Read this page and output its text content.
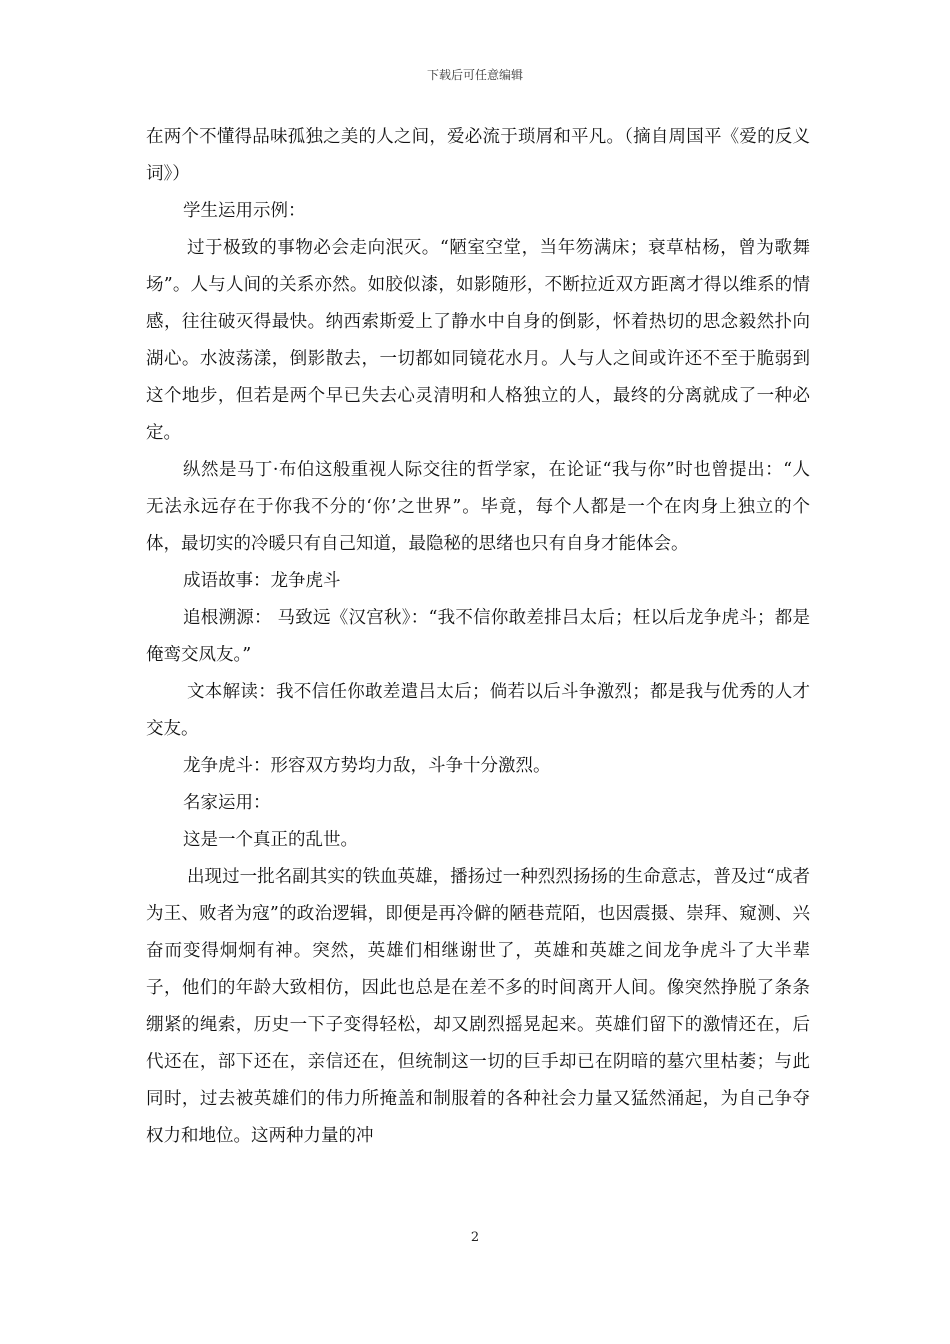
下载后可任意编辑

在两个不懂得品味孤独之美的人之间，爱必流于琐屑和平凡。（摘自周国平《爱的反义词》）

学生运用示例：

过于极致的事物必会走向泯灭。“陋室空堂，当年笏满床；衰草枯杨，曾为歌舞场”。人与人间的关系亦然。如胶似漆，如影随形，不断拉近双方距离才得以维系的情感，往往破灭得最快。纳西索斯爱上了静水中自身的倒影，怀着热切的思念毅然扑向湖心。水波荡漾，倒影散去，一切都如同镜花水月。人与人之间或许还不至于脆弱到这个地步，但若是两个早已失去心灵清明和人格独立的人，最终的分离就成了一种必定。

纵然是马丁·布伯这般重视人际交往的哲学家，在论证“我与你”时也曾提出：“人无法永远存在于你我不分的‘你’之世界”。毕竟，每个人都是一个在肉身上独立的个体，最切实的冷暖只有自己知道，最隐秘的思绪也只有自身才能体会。

成语故事：龙争虎斗

追根溯源： 马致远《汉宫秋》：“我不信你敢差排吕太后；枉以后龙争虎斗；都是俺鸾交凤友。”

文本解读：我不信任你敢差遣吕太后；倘若以后斗争激烈；都是我与优秀的人才交友。

龙争虎斗：形容双方势均力敌，斗争十分激烈。

名家运用：

这是一个真正的乱世。

出现过一批名副其实的铁血英雄，播扬过一种烈烈扬扬的生命意志，普及过“成者为王、败者为寇”的政治逻辑，即便是再冷僻的陋巷荒陌，也因震摄、崇拜、窥测、兴奋而变得炯炯有神。突然，英雄们相继谢世了，英雄和英雄之间龙争虎斗了大半辈子，他们的年龄大致相仿，因此也总是在差不多的时间离开人间。像突然挣脱了条条绷紧的绳索，历史一下子变得轻松，却又剧烈摇晃起来。英雄们留下的激情还在，后代还在，部下还在，亲信还在，但统制这一切的巨手却已在阴暗的墓穴里枯萎；与此同时，过去被英雄们的伟力所掩盖和制服着的各种社会力量又猛然涌起，为自己争夺权力和地位。这两种力量的冲

2
